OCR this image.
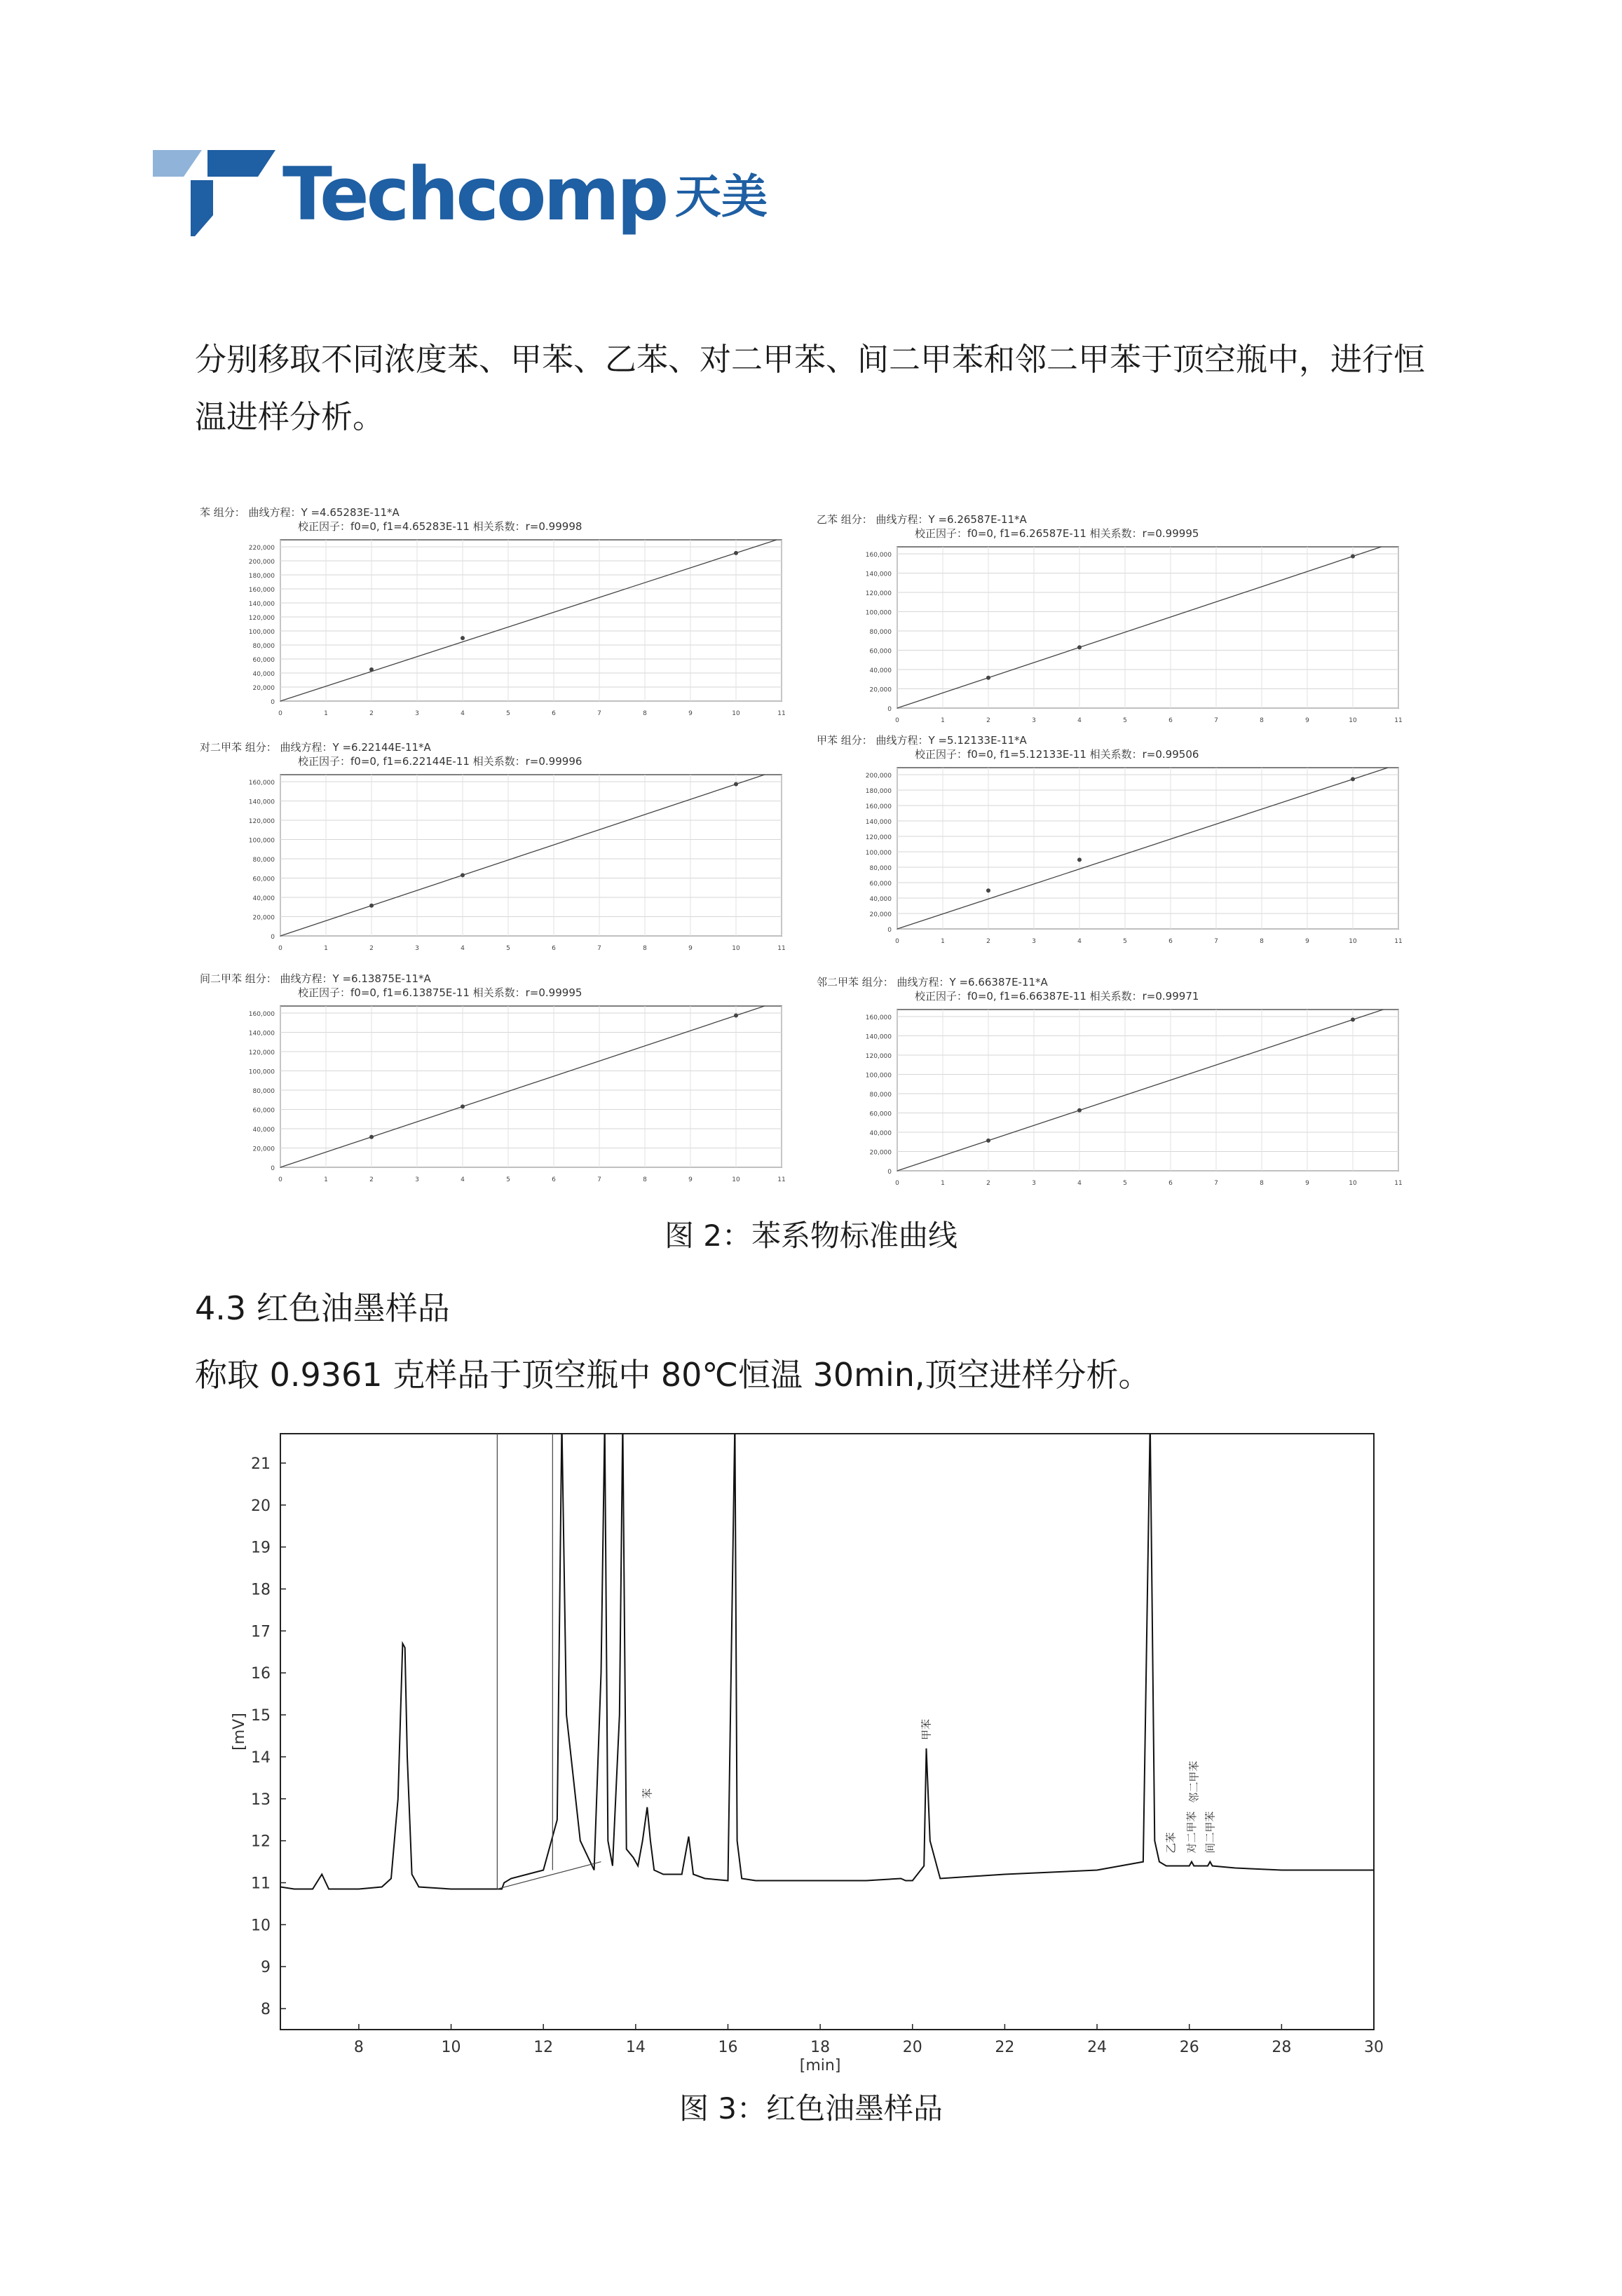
Techcomp 天美
分别移取不同浓度苯、甲苯、乙苯、对二甲苯、间二甲苯和邻二甲苯于顶空瓶中，进行恒温进样分析。
苯 组分： 曲线方程：Y =4.65283E-11*A
校正因子：f0=0, f1=4.65283E-11 相关系数：r=0.99998
220,000
200,000
180,000
160,000
140,000
120,000
100,000
80,000
60,000
40,000
20,000
0
0	1	2	3	4	5	6	7	8	9	10	11
乙苯 组分： 曲线方程：Y =6.26587E-11*A
校正因子：f0=0, f1=6.26587E-11 相关系数：r=0.99995
160,000
140,000
120,000
100,000
80,000
60,000
40,000
20,000
0
0	1	2	3	4	5	6	7	8	9	10	11
对二甲苯 组分： 曲线方程：Y =6.22144E-11*A
校正因子：f0=0, f1=6.22144E-11 相关系数：r=0.99996
160,000
140,000
120,000
100,000
80,000
60,000
40,000
20,000
0
0	1	2	3	4	5	6	7	8	9	10	11
甲苯 组分： 曲线方程：Y =5.12133E-11*A
校正因子：f0=0, f1=5.12133E-11 相关系数：r=0.99506
200,000
180,000
160,000
140,000
120,000
100,000
80,000
60,000
40,000
20,000
0
0	1	2	3	4	5	6	7	8	9	10	11
间二甲苯 组分： 曲线方程：Y =6.13875E-11*A
校正因子：f0=0, f1=6.13875E-11 相关系数：r=0.99995
160,000
140,000
120,000
100,000
80,000
60,000
40,000
20,000
0
0	1	2	3	4	5	6	7	8	9	10	11
邻二甲苯 组分： 曲线方程：Y =6.66387E-11*A
校正因子：f0=0, f1=6.66387E-11 相关系数：r=0.99971
160,000
140,000
120,000
100,000
80,000
60,000
40,000
20,000
0
0	1	2	3	4	5	6	7	8	9	10	11
图 2：苯系物标准曲线
4.3 红色油墨样品
称取 0.9361 克样品于顶空瓶中 80℃恒温 30min,顶空进样分析。
21
20
19
18
17
16
15
14
13
12
11
10
9
8
8	10	12	14	16	18	20	22	24	26	28	30
[mV]
[min]
苯
甲苯
乙苯 对二甲苯 间二甲苯
邻二甲苯
图 3：红色油墨样品
